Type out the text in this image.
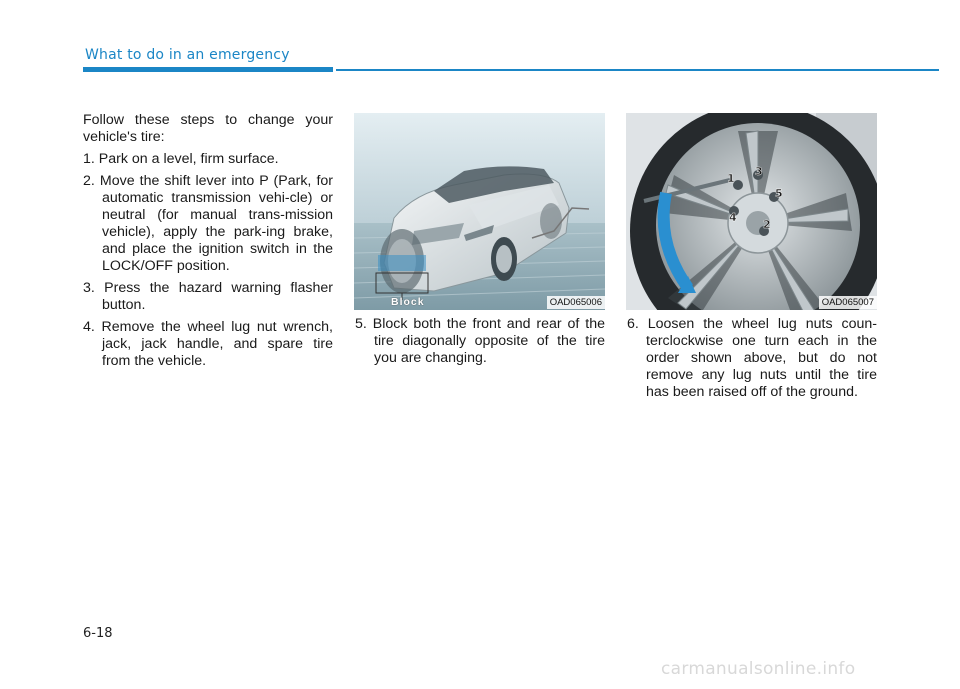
What to do in an emergency

Follow these steps to change your vehicle's tire:

1. Park on a level, firm surface.

2. Move the shift lever into P (Park, for automatic transmission vehi-cle) or neutral (for manual trans-mission vehicle), apply the park-ing brake, and place the ignition switch in the LOCK/OFF position.

3. Press the hazard warning flasher button.

4. Remove the wheel lug nut wrench, jack, jack handle, and spare tire from the vehicle.

Block	OAD065006
1
2
3
4
5
OAD065007

5. Block both the front and rear of the tire diagonally opposite of the tire you are changing.

6. Loosen the wheel lug nuts coun-terclockwise one turn each in the order shown above, but do not remove any lug nuts until the tire has been raised off of the ground.

6-18
carmanualsonline.info
